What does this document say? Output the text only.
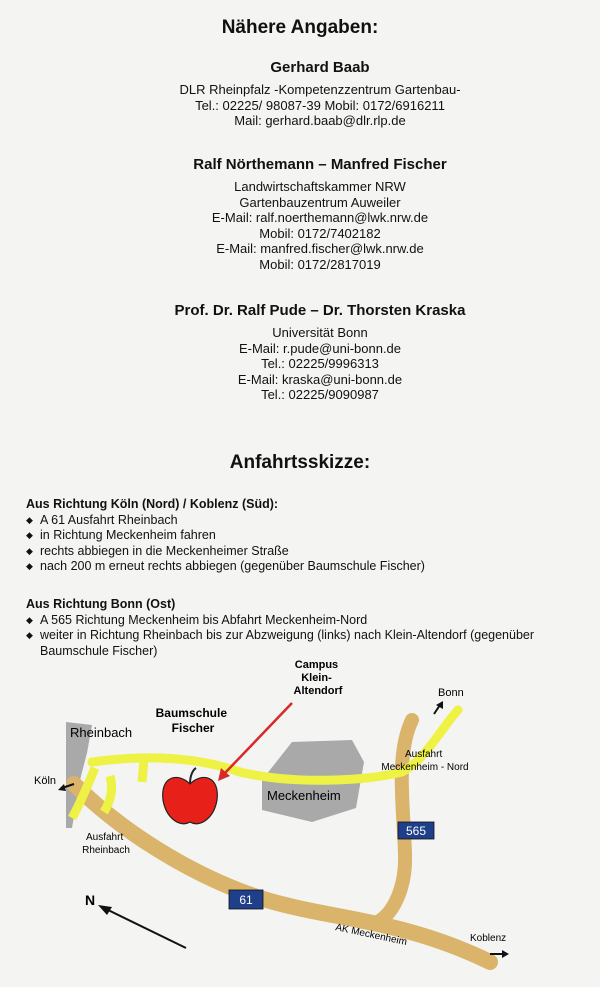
Nähere Angaben:
Gerhard Baab
DLR Rheinpfalz -Kompetenzzentrum Gartenbau-
Tel.: 02225/ 98087-39 Mobil: 0172/6916211
Mail: gerhard.baab@dlr.rlp.de
Ralf Nörthemann – Manfred Fischer
Landwirtschaftskammer NRW
Gartenbauzentrum Auweiler
E-Mail: ralf.noerthemann@lwk.nrw.de
Mobil: 0172/7402182
E-Mail: manfred.fischer@lwk.nrw.de
Mobil: 0172/2817019
Prof. Dr. Ralf Pude – Dr. Thorsten Kraska
Universität Bonn
E-Mail: r.pude@uni-bonn.de
Tel.: 02225/9996313
E-Mail: kraska@uni-bonn.de
Tel.: 02225/9090987
Anfahrtsskizze:
Aus Richtung Köln (Nord) / Koblenz (Süd):
◆ A 61 Ausfahrt Rheinbach
◆ in Richtung Meckenheim fahren
◆ rechts abbiegen in die Meckenheimer Straße
◆ nach 200 m erneut rechts abbiegen (gegenüber Baumschule Fischer)
Aus Richtung Bonn (Ost)
◆ A 565 Richtung Meckenheim bis Abfahrt Meckenheim-Nord
◆ weiter in Richtung Rheinbach bis zur Abzweigung (links) nach Klein-Altendorf (gegenüber Baumschule Fischer)
N
565
61
Campus Klein- Altendorf
Baumschule Fischer
Rheinbach
Meckenheim
Köln
Bonn
Koblenz
Ausfahrt Rheinbach
Ausfahrt Meckenheim - Nord
AK Meckenheim
